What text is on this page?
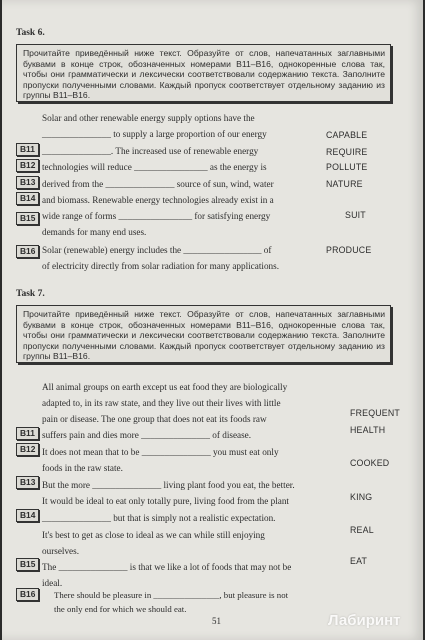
Task 6.
Прочитайте приведённый ниже текст. Образуйте от слов, напечатанных заглавными буквами в конце строк, обозначенных номерами B11–B16, однокоренные слова так, чтобы они грамматически и лексически соответствовали содержанию текста. Заполните пропуски полученными словами. Каждый пропуск соответствует отдельному заданию из группы B11–B16.
Solar and other renewable energy supply options have the
_______________ to supply a large proportion of our energy
_______________. The increased use of renewable energy
technologies will reduce ________________ as the energy is
derived from the _______________ source of sun, wind, water
and biomass. Renewable energy technologies already exist in a
wide range of forms ________________ for satisfying energy
demands for many end uses.
Solar (renewable) energy includes the _________________ of
of electricity directly from solar radiation for many applications.
B11
B12
B13
B14
B15
B16
CAPABLE
REQUIRE
POLLUTE
NATURE
SUIT
PRODUCE
Task 7.
Прочитайте приведённый ниже текст. Образуйте от слов, напечатанных заглавными буквами в конце строк, обозначенных номерами B11–B16, однокоренные слова так, чтобы они грамматически и лексически соответствовали содержанию текста. Заполните пропуски полученными словами. Каждый пропуск соответствует отдельному заданию из группы B11–B16.
All animal groups on earth except us eat food they are biologically
adapted to, in its raw state, and they live out their lives with little
pain or disease. The one group that does not eat its foods raw
suffers pain and dies more _______________ of disease.
It does not mean that to be _______________ you must eat only
foods in the raw state.
But the more _______________ living plant food you eat, the better.
It would be ideal to eat only totally pure, living food from the plant
_______________ but that is simply not a realistic expectation.
It's best to get as close to ideal as we can while still enjoying
ourselves.
The _______________ is that we like a lot of foods that may not be
ideal.
B11
B12
B13
B14
B15
B16	There should be pleasure in _______________, but pleasure is not
the only end for which we should eat.
FREQUENT
HEALTH
COOKED
KING
REAL
EAT
51	Лабиринт
